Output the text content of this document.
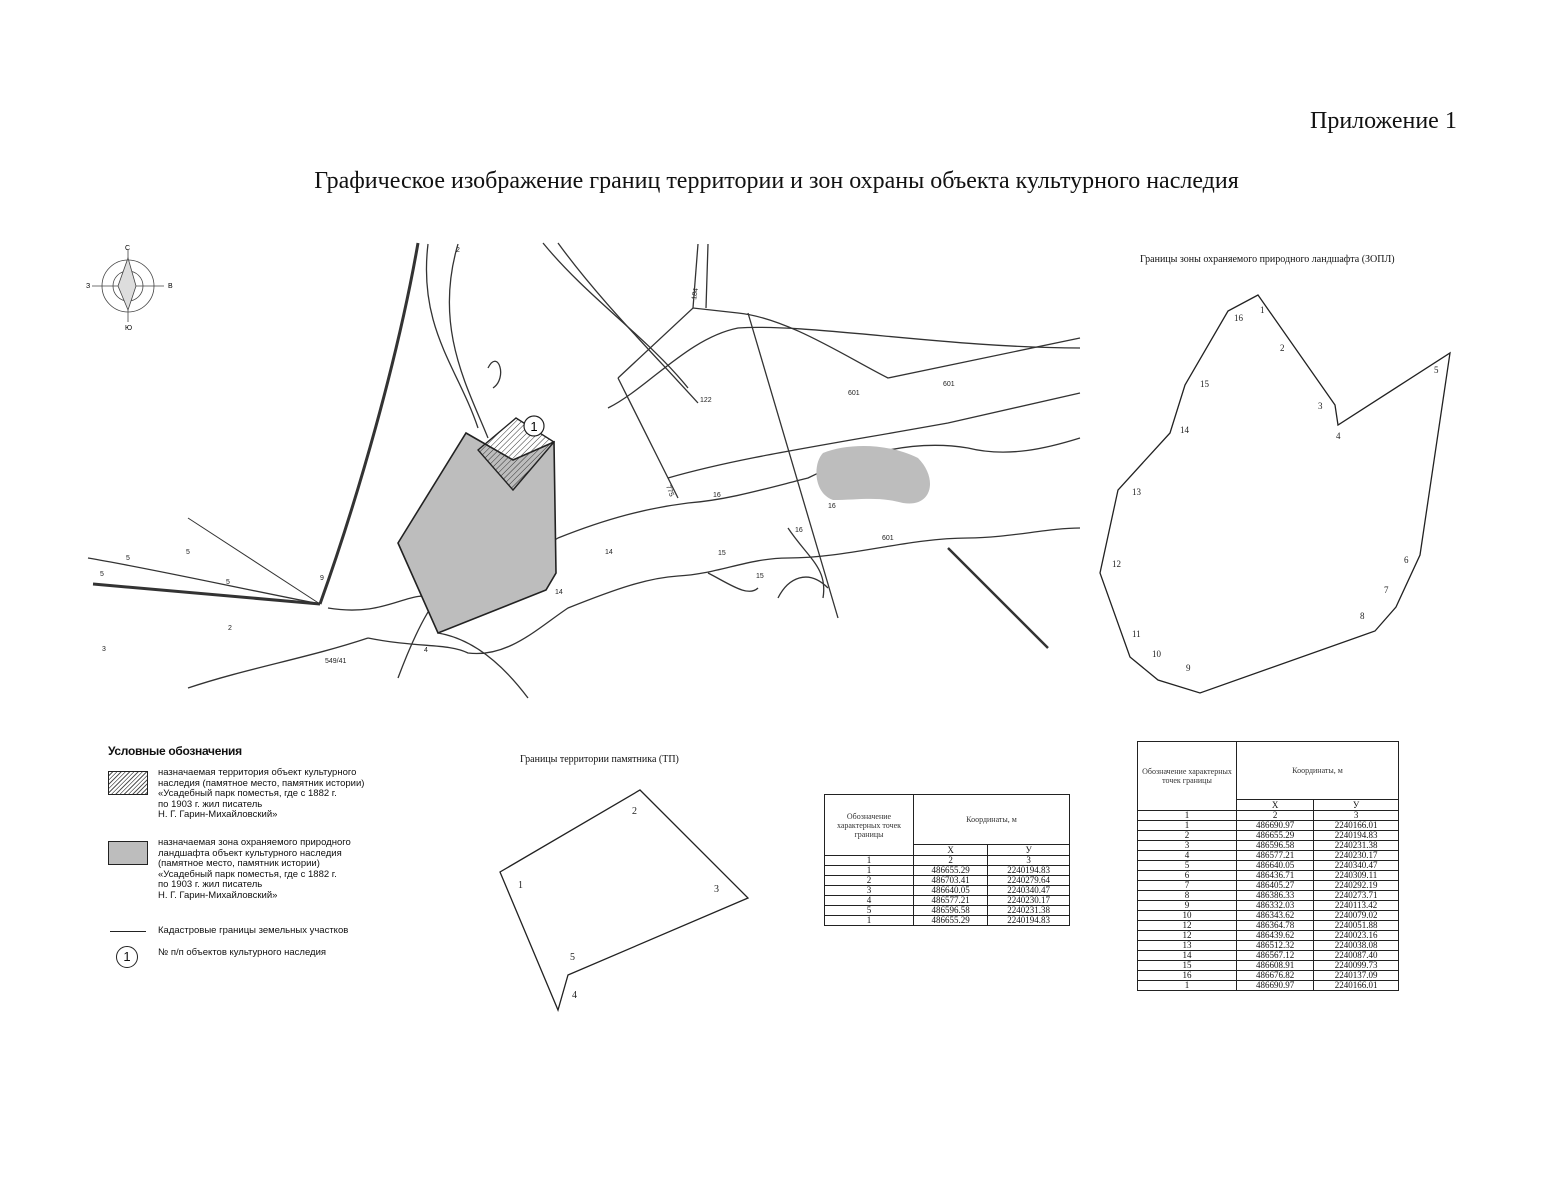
Приложение 1
Графическое изображение границ территории и зон охраны объекта культурного наследия
С
Ю
В
З
1
2
122
601
601
184
16
16
16
601
15
15
14
14
5
5
5
5
9
2
3
549/41
4
775
Границы зоны охраняемого природного ландшафта (ЗОПЛ)
1
2
3
4
5
6
7
8
9
10
11
12
13
14
15
16
Границы территории памятника (ТП)
1
2
3
4
5
Обозначение характерных точек границы	Координаты, м	
	X	У
1	2	3
1	486655.29	2240194.83
2	486703.41	2240279.64
3	486640.05	2240340.47
4	486577.21	2240230.17
5	486596.58	2240231.38
1	486655.29	2240194.83
Обозначение характерных точек границы	Координаты, м	
	X	У
1	2	3
1	486690.97	2240166.01
2	486655.29	2240194.83
3	486596.58	2240231.38
4	486577.21	2240230.17
5	486640.05	2240340.47
6	486436.71	2240309.11
7	486405.27	2240292.19
8	486386.33	2240273.71
9	486332.03	2240113.42
10	486343.62	2240079.02
12	486364.78	2240051.88
12	486439.62	2240023.16
13	486512.32	2240038.08
14	486567.12	2240087.40
15	486608.91	2240099.73
16	486676.82	2240137.09
1	486690.97	2240166.01
Условные обозначения
назначаемая территория объект культурного
наследия (памятное место, памятник истории)
«Усадебный парк поместья, где с 1882 г.
по 1903 г. жил писатель
Н. Г. Гарин-Михайловский»
назначаемая зона охраняемого природного
ландшафта объект культурного наследия
(памятное место, памятник истории)
«Усадебный парк поместья, где с 1882 г.
по 1903 г. жил писатель
Н. Г. Гарин-Михайловский»
Кадастровые границы земельных участков
1	№ п/п объектов культурного наследия
